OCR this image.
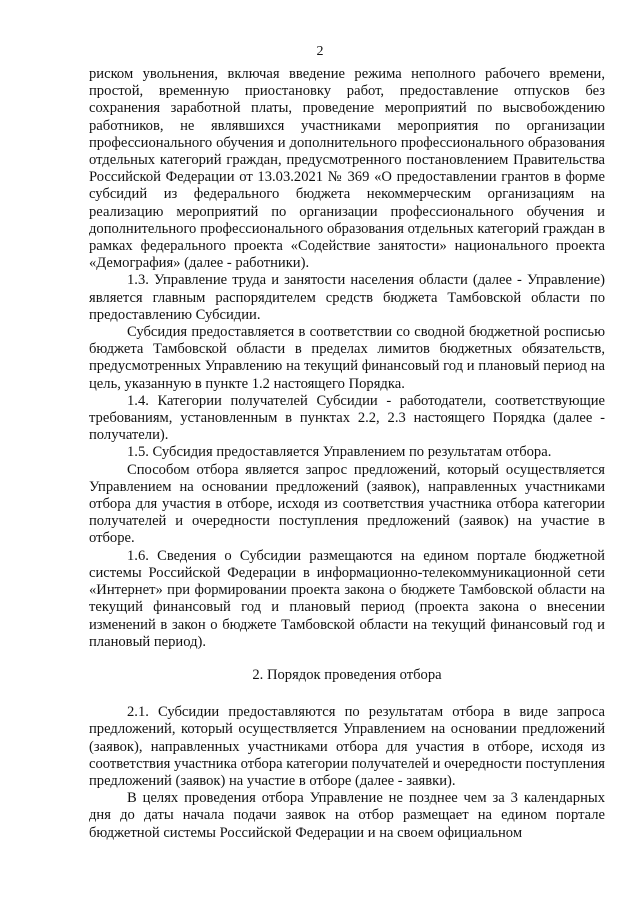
2

риском увольнения, включая введение режима неполного рабочего времени, простой, временную приостановку работ, предоставление отпусков без сохранения заработной платы, проведение мероприятий по высвобождению работников, не являвшихся участниками мероприятия по организации профессионального обучения и дополнительного профессионального образования отдельных категорий граждан, предусмотренного постановлением Правительства Российской Федерации от 13.03.2021 № 369 «О предоставлении грантов в форме субсидий из федерального бюджета некоммерческим организациям на реализацию мероприятий по организации профессионального обучения и дополнительного профессионального образования отдельных категорий граждан в рамках федерального проекта «Содействие занятости» национального проекта «Демография» (далее - работники).

1.3. Управление труда и занятости населения области (далее - Управление) является главным распорядителем средств бюджета Тамбовской области по предоставлению Субсидии.

Субсидия предоставляется в соответствии со сводной бюджетной росписью бюджета Тамбовской области в пределах лимитов бюджетных обязательств, предусмотренных Управлению на текущий финансовый год и плановый период на цель, указанную в пункте 1.2 настоящего Порядка.

1.4. Категории получателей Субсидии - работодатели, соответствующие требованиям, установленным в пунктах 2.2, 2.3 настоящего Порядка (далее - получатели).

1.5. Субсидия предоставляется Управлением по результатам отбора.

Способом отбора является запрос предложений, который осуществляется Управлением на основании предложений (заявок), направленных участниками отбора для участия в отборе, исходя из соответствия участника отбора категории получателей и очередности поступления предложений (заявок) на участие в отборе.

1.6. Сведения о Субсидии размещаются на едином портале бюджетной системы Российской Федерации в информационно-телекоммуникационной сети «Интернет» при формировании проекта закона о бюджете Тамбовской области на текущий финансовый год и плановый период (проекта закона о внесении изменений в закон о бюджете Тамбовской области на текущий финансовый год и плановый период).

2. Порядок проведения отбора

2.1. Субсидии предоставляются по результатам отбора в виде запроса предложений, который осуществляется Управлением на основании предложений (заявок), направленных участниками отбора для участия в отборе, исходя из соответствия участника отбора категории получателей и очередности поступления предложений (заявок) на участие в отборе (далее - заявки).

В целях проведения отбора Управление не позднее чем за 3 календарных дня до даты начала подачи заявок на отбор размещает на едином портале бюджетной системы Российской Федерации и на своем официальном
